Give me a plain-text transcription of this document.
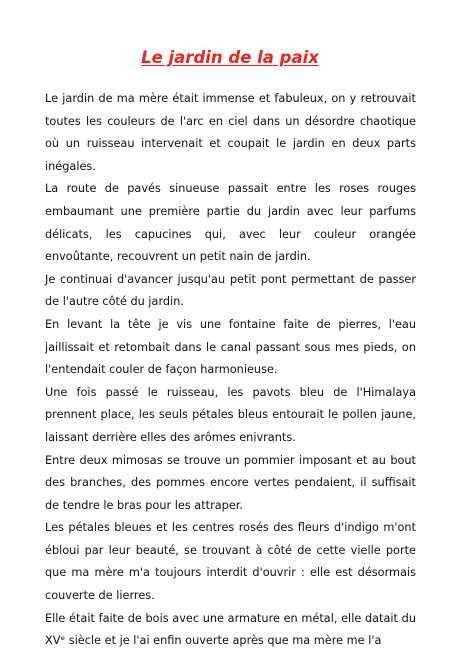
Le jardin de la paix

Le jardin de ma mère était immense et fabuleux, on y retrouvait toutes les couleurs de l'arc en ciel dans un désordre chaotique où un ruisseau intervenait et coupait le jardin en deux parts inégales.

La route de pavés sinueuse passait entre les roses rouges embaumant une première partie du jardin avec leur parfums délicats, les capucines qui, avec leur couleur orangée envoûtante, recouvrent un petit nain de jardin.

Je continuai d'avancer jusqu'au petit pont permettant de passer de l'autre côté du jardin.

En levant la tête je vis une fontaine faite de pierres, l'eau jaillissait et retombait dans le canal passant sous mes pieds, on l'entendait couler de façon harmonieuse.

Une fois passé le ruisseau, les pavots bleu de l'Himalaya prennent place, les seuls pétales bleus entourait le pollen jaune, laissant derrière elles des arômes enivrants.

Entre deux mimosas se trouve un pommier imposant et au bout des branches, des pommes encore vertes pendaient, il suffisait de tendre le bras pour les attraper.

Les pétales bleues et les centres rosés des fleurs d'indigo m'ont ébloui par leur beauté, se trouvant à côté de cette vielle porte que ma mère m'a toujours interdit d'ouvrir : elle est désormais couverte de lierres.

Elle était faite de bois avec une armature en métal, elle datait du XVᵉ siècle et je l'ai enfin ouverte après que ma mère me l'a
